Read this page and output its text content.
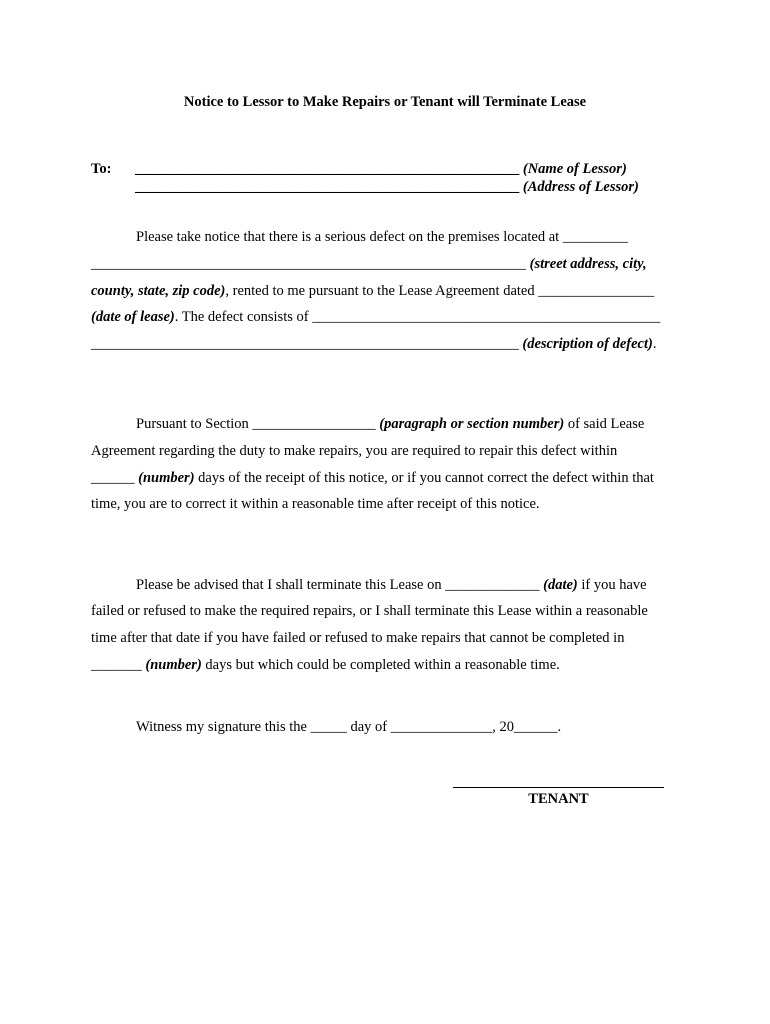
Notice to Lessor to Make Repairs or Tenant will Terminate Lease
To: _____________________________________________________ (Name of Lessor)
_____________________________________________________ (Address of Lessor)
Please take notice that there is a serious defect on the premises located at _________
____________________________________________________________ (street address, city,
county, state, zip code), rented to me pursuant to the Lease Agreement dated ________________
(date of lease). The defect consists of ________________________________________________
___________________________________________________________ (description of defect).
Pursuant to Section _________________ (paragraph or section number) of said Lease
Agreement regarding the duty to make repairs, you are required to repair this defect within
______ (number) days of the receipt of this notice, or if you cannot correct the defect within that
time, you are to correct it within a reasonable time after receipt of this notice.
Please be advised that I shall terminate this Lease on _____________ (date) if you have
failed or refused to make the required repairs, or I shall terminate this Lease within a reasonable
time after that date if you have failed or refused to make repairs that cannot be completed in
_______ (number) days but which could be completed within a reasonable time.
Witness my signature this the _____ day of ______________, 20______.
TENANT
